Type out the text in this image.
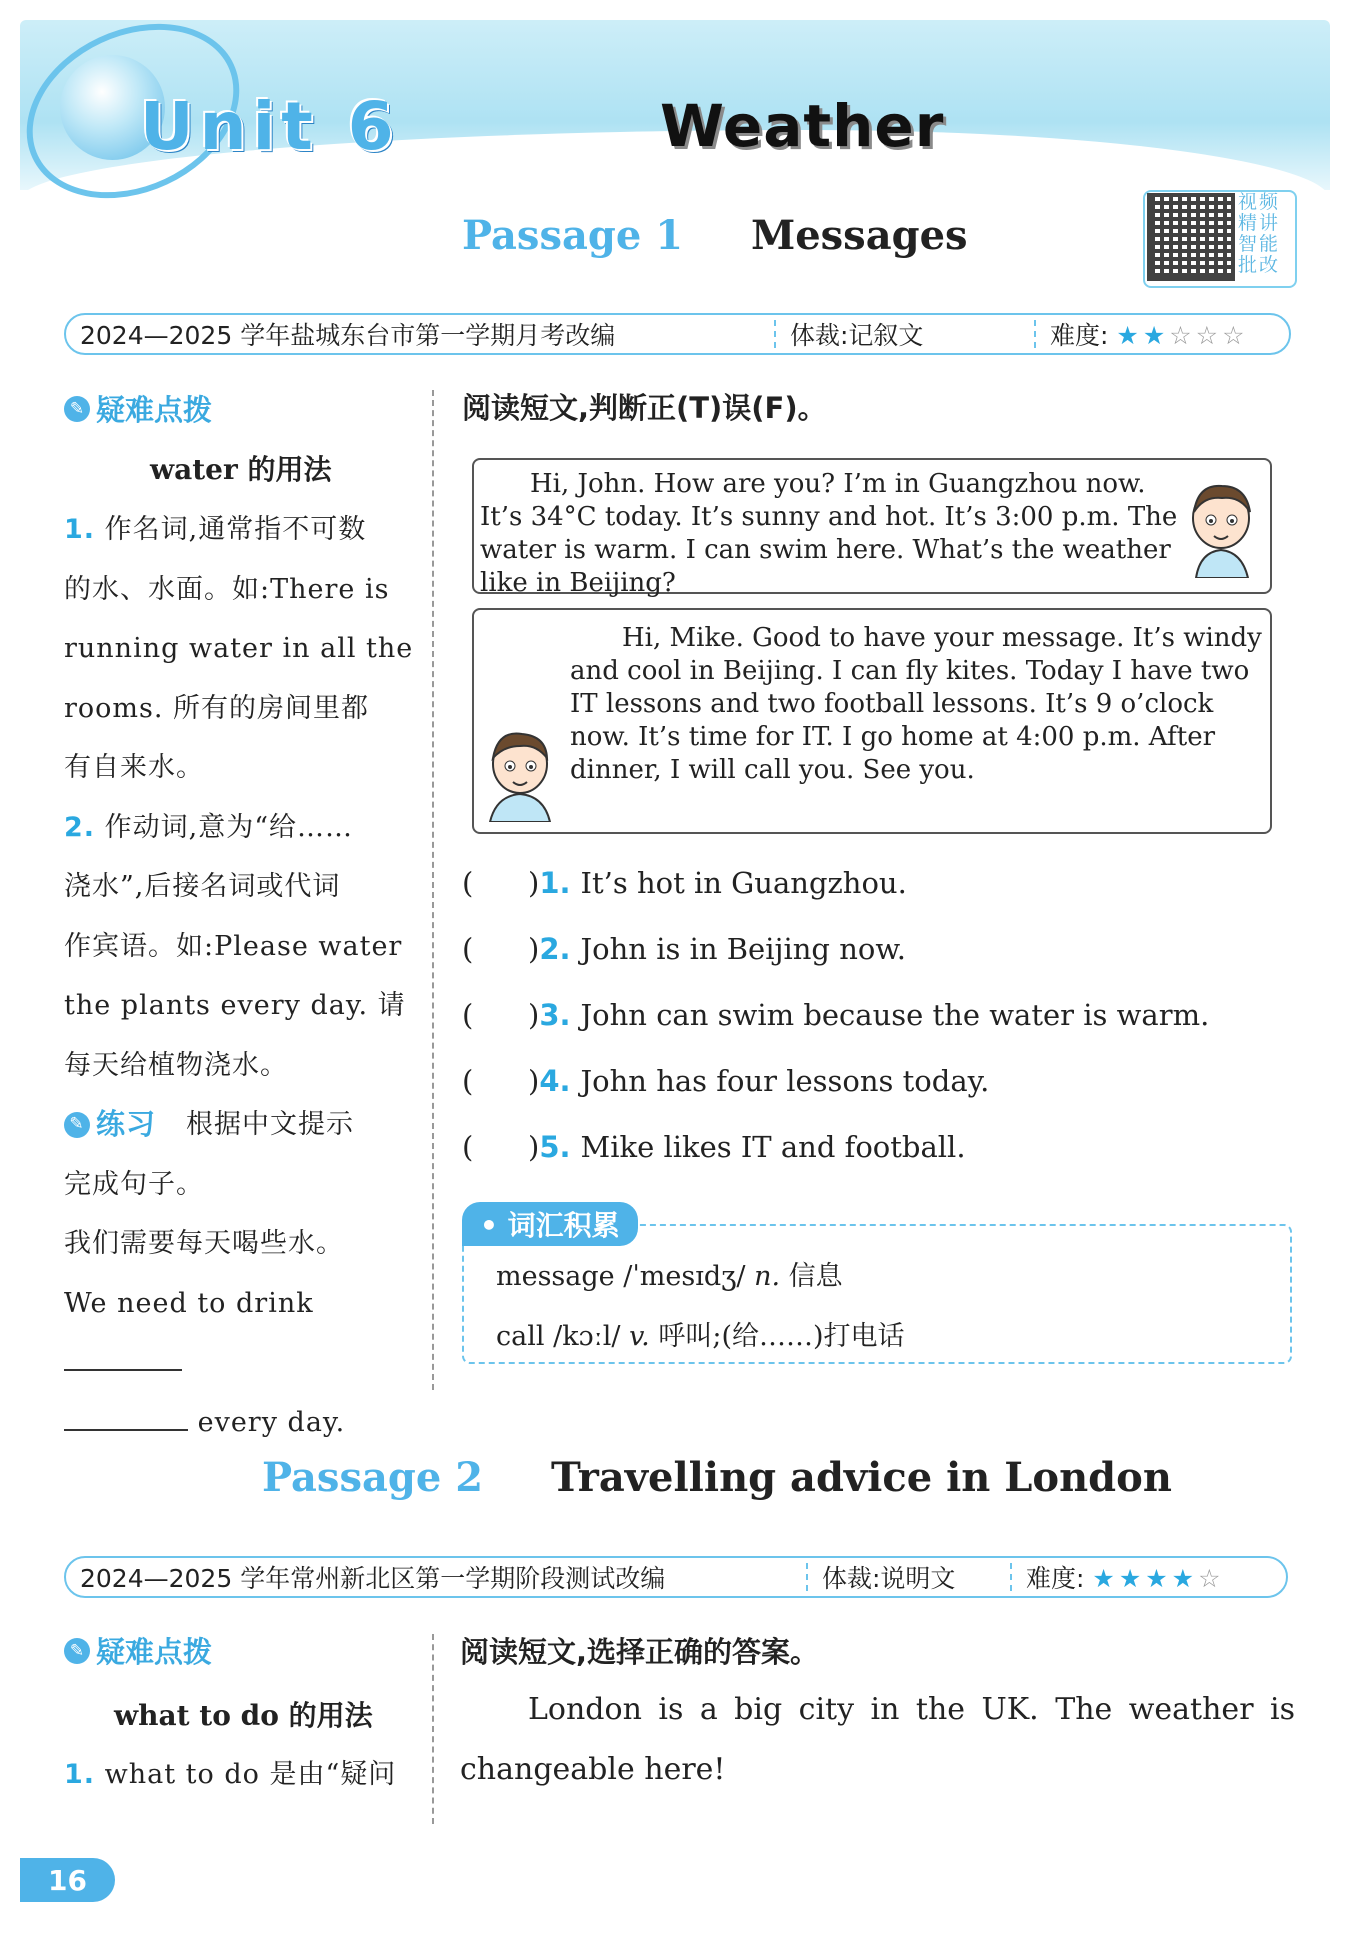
Unit 6	Weather
视频精讲智能批改
Passage 1 Messages
2024—2025 学年盐城东台市第一学期月考改编	体裁:记叙文	难度: ★★☆☆☆
✎ 疑难点拨
water 的用法
1. 作名词,通常指不可数
的水、水面。如:There is
running water in all the
rooms. 所有的房间里都
有自来水。
2. 作动词,意为“给……
浇水”,后接名词或代词
作宾语。如:Please water
the plants every day. 请
每天给植物浇水。
✎ 练习 根据中文提示
完成句子。
我们需要每天喝些水。
We need to drink
every day.
阅读短文,判断正(T)误(F)。
Hi, John. How are you? I’m in Guangzhou now. It’s 34°C today. It’s sunny and hot. It’s 3:00 p.m. The water is warm. I can swim here. What’s the weather like in Beijing?
Hi, Mike. Good to have your message. It’s windy and cool in Beijing. I can fly kites. Today I have two IT lessons and two football lessons. It’s 9 o’clock now. It’s time for IT. I go home at 4:00 p.m. After dinner, I will call you. See you.
(	) 1. It’s hot in Guangzhou.
(	) 2. John is in Beijing now.
(	) 3. John can swim because the water is warm.
(	) 4. John has four lessons today.
(	) 5. Mike likes IT and football.
• 词汇积累
message /ˈmesɪdʒ/ n. 信息
call /kɔːl/ v. 呼叫;(给……)打电话
Passage 2 Travelling advice in London
2024—2025 学年常州新北区第一学期阶段测试改编	体裁:说明文	难度: ★★★★☆
✎ 疑难点拨
what to do 的用法
1. what to do 是由“疑问
阅读短文,选择正确的答案。
London is a big city in the UK. The weather is
changeable here!
16
